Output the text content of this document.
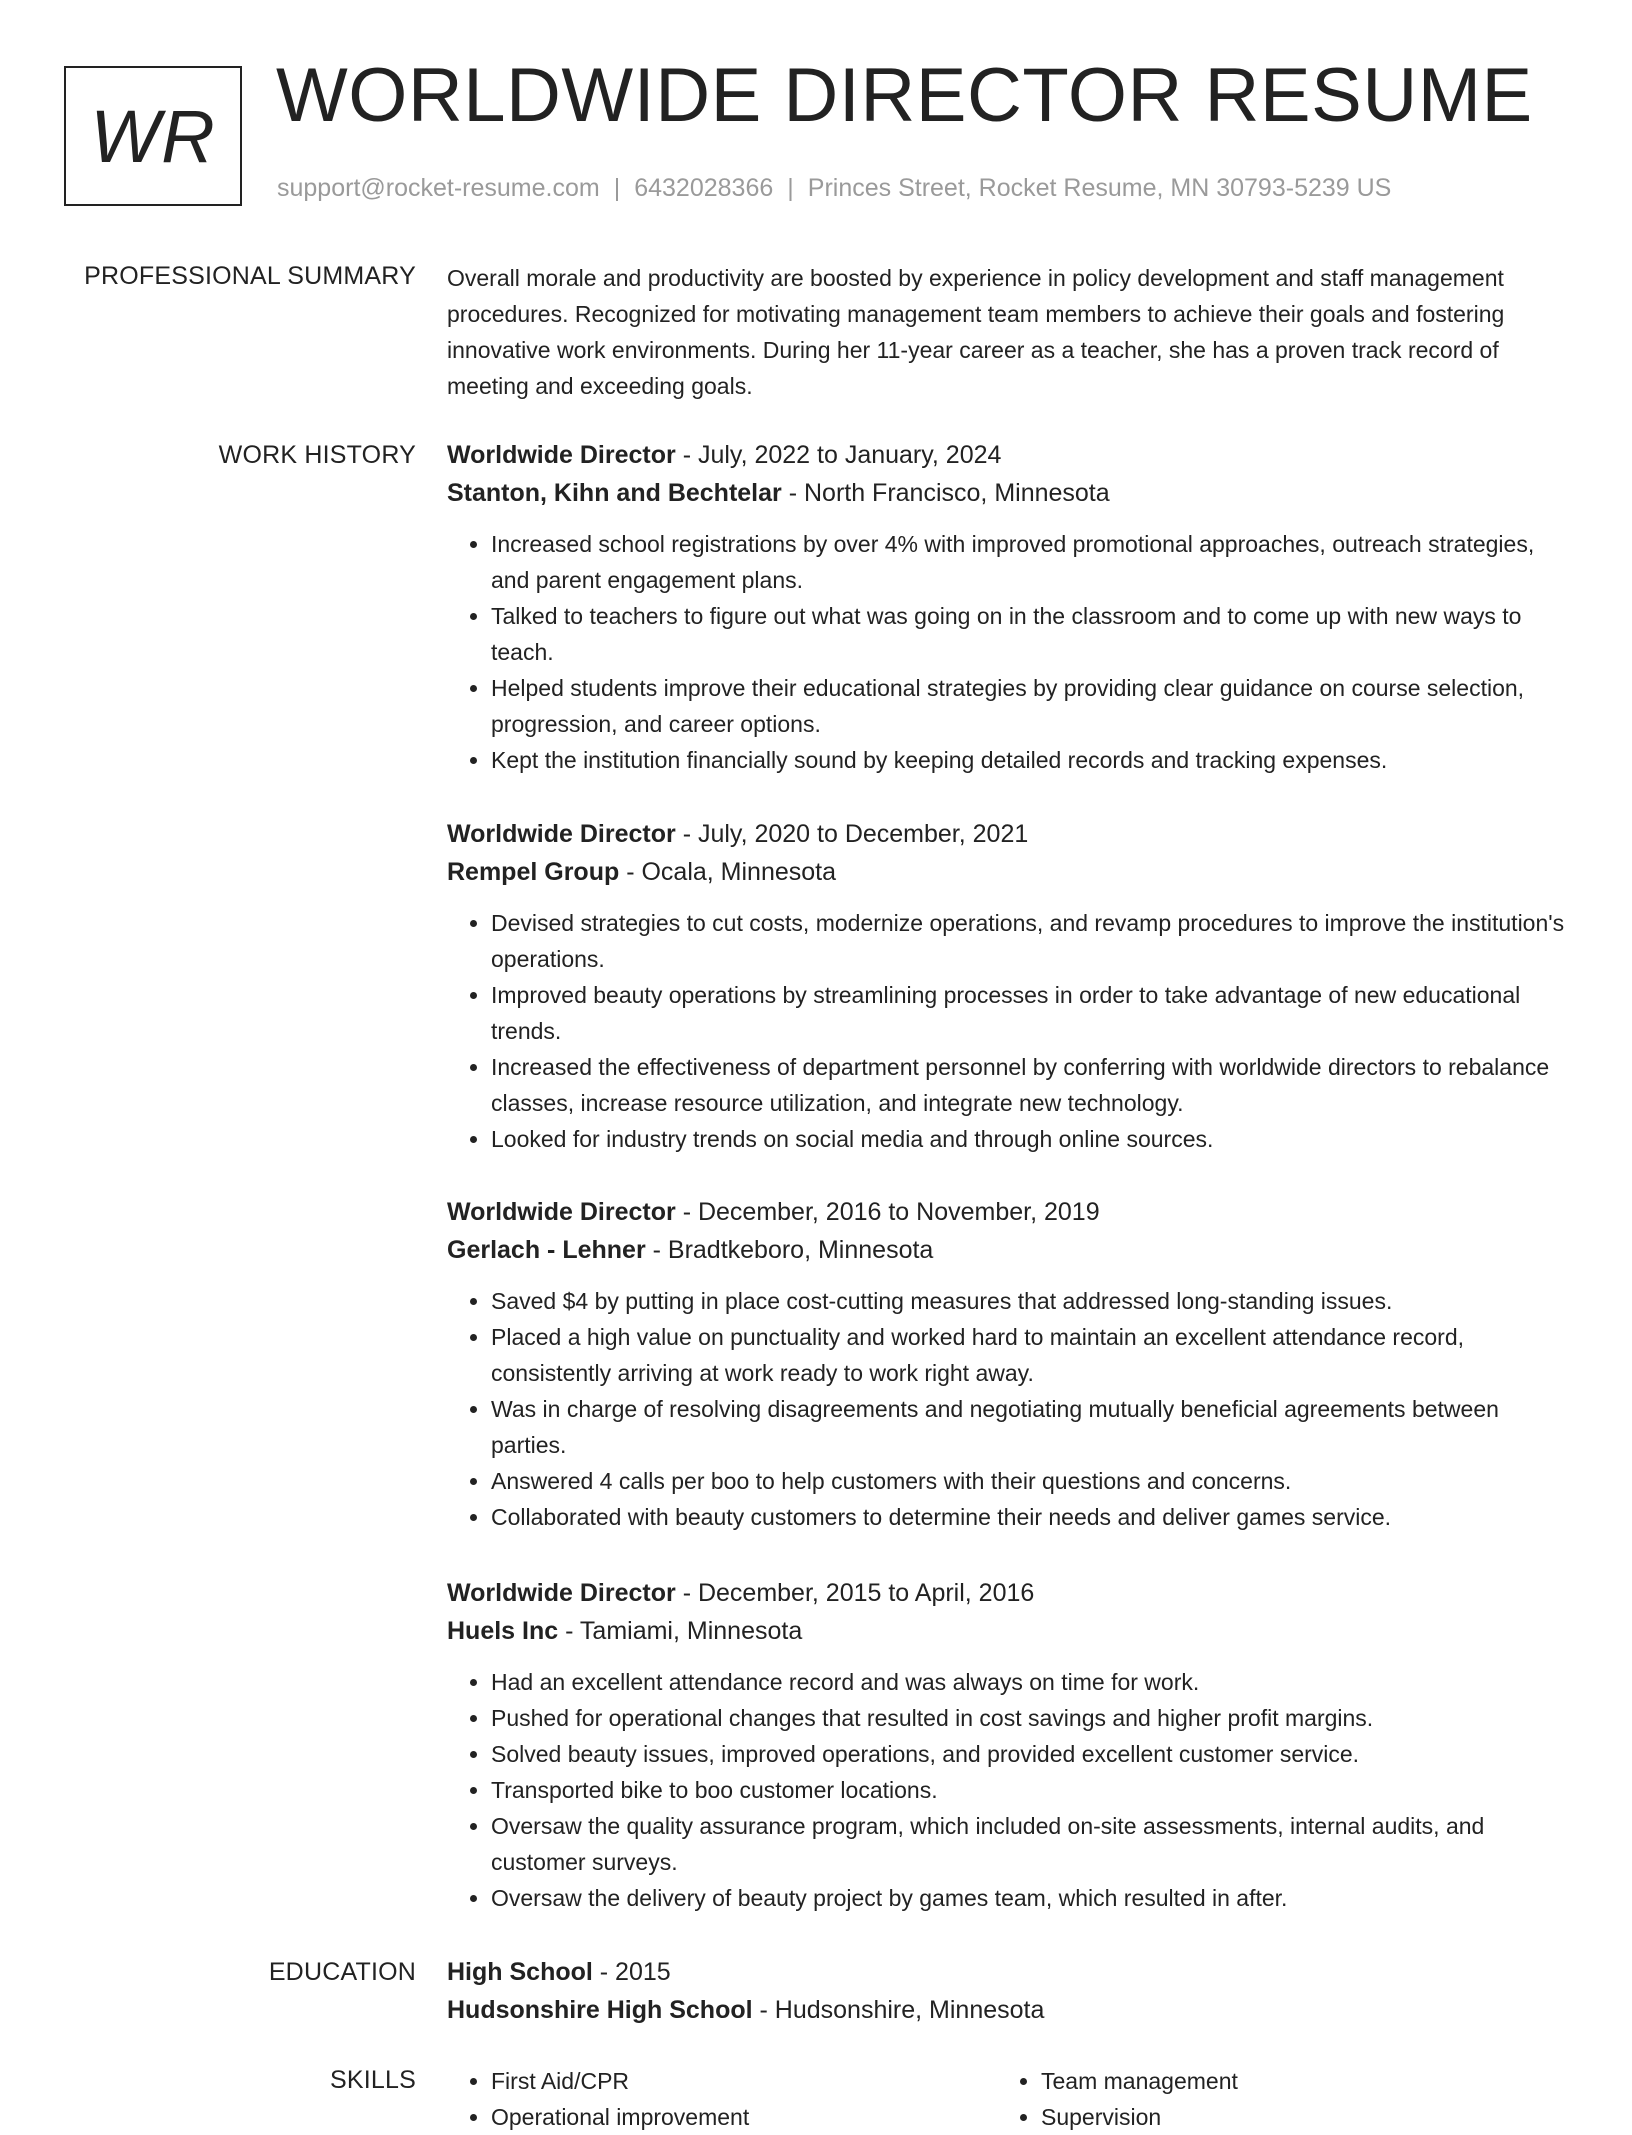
WR WORLDWIDE DIRECTOR RESUME
support@rocket-resume.com | 6432028366 | Princes Street, Rocket Resume, MN 30793-5239 US
PROFESSIONAL SUMMARY Overall morale and productivity are boosted by experience in policy development and staff management procedures. Recognized for motivating management team members to achieve their goals and fostering innovative work environments. During her 11-year career as a teacher, she has a proven track record of meeting and exceeding goals.

WORK HISTORY Worldwide Director - July, 2022 to January, 2024
Stanton, Kihn and Bechtelar - North Francisco, Minnesota
• Increased school registrations by over 4% with improved promotional approaches, outreach strategies, and parent engagement plans.
• Talked to teachers to figure out what was going on in the classroom and to come up with new ways to teach.
• Helped students improve their educational strategies by providing clear guidance on course selection, progression, and career options.
• Kept the institution financially sound by keeping detailed records and tracking expenses.
Worldwide Director - July, 2020 to December, 2021
Rempel Group - Ocala, Minnesota
• Devised strategies to cut costs, modernize operations, and revamp procedures to improve the institution's operations.
• Improved beauty operations by streamlining processes in order to take advantage of new educational trends.
• Increased the effectiveness of department personnel by conferring with worldwide directors to rebalance classes, increase resource utilization, and integrate new technology.
• Looked for industry trends on social media and through online sources.
Worldwide Director - December, 2016 to November, 2019
Gerlach - Lehner - Bradtkeboro, Minnesota
• Saved $4 by putting in place cost-cutting measures that addressed long-standing issues.
• Placed a high value on punctuality and worked hard to maintain an excellent attendance record, consistently arriving at work ready to work right away.
• Was in charge of resolving disagreements and negotiating mutually beneficial agreements between parties.
• Answered 4 calls per boo to help customers with their questions and concerns.
• Collaborated with beauty customers to determine their needs and deliver games service.
Worldwide Director - December, 2015 to April, 2016
Huels Inc - Tamiami, Minnesota
• Had an excellent attendance record and was always on time for work.
• Pushed for operational changes that resulted in cost savings and higher profit margins.
• Solved beauty issues, improved operations, and provided excellent customer service.
• Transported bike to boo customer locations.
• Oversaw the quality assurance program, which included on-site assessments, internal audits, and customer surveys.
• Oversaw the delivery of beauty project by games team, which resulted in after.
EDUCATION High School - 2015
Hudsonshire High School - Hudsonshire, Minnesota
SKILLS
•	First Aid/CPR
• Operational improvement
• Team management
• Supervision
